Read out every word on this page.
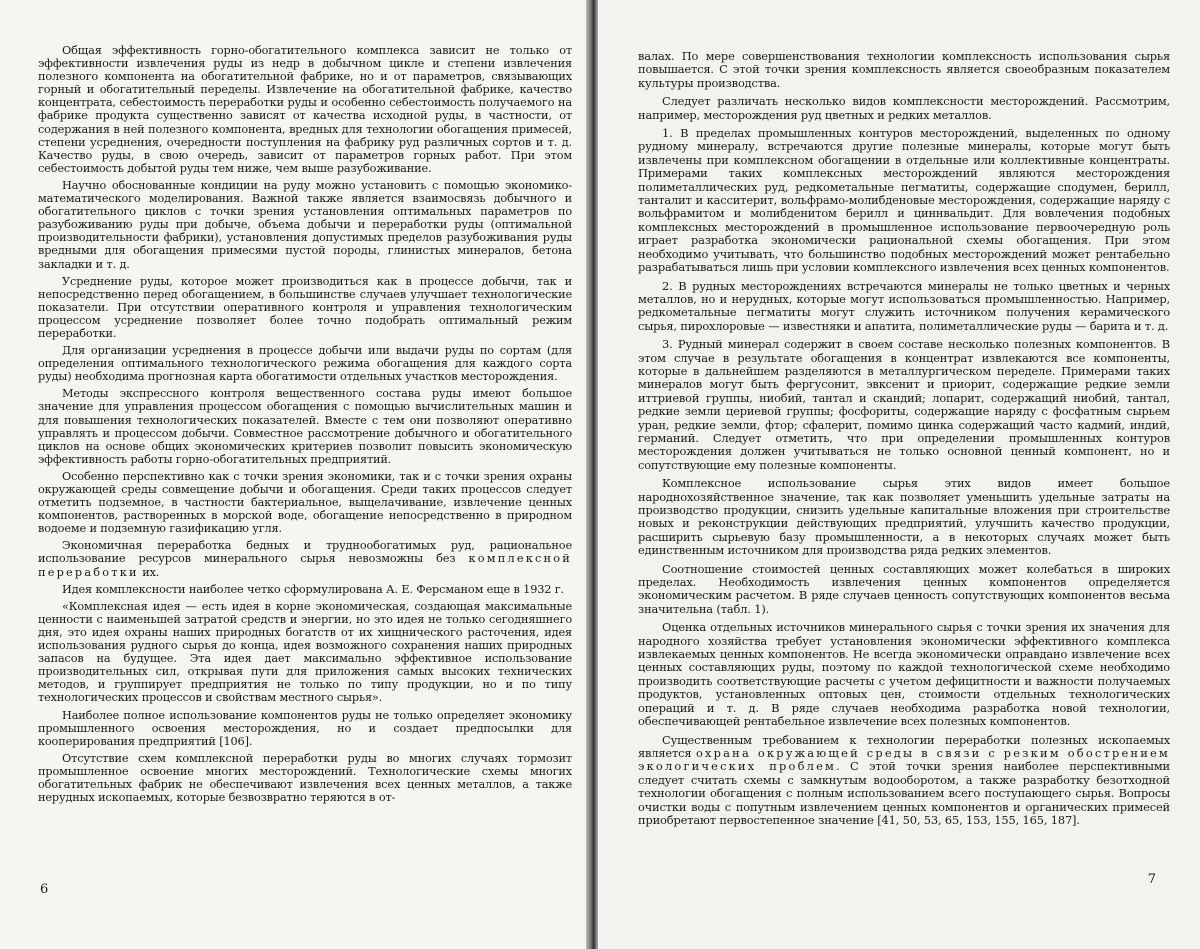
Общая эффективность горно-обогатительного комплекса зависит не только от эффективности извлечения руды из недр в добычном цикле и степени извлечения полезного компонента на обогатительной фабрике, но и от параметров, связывающих горный и обогатительный переделы. Извлечение на обогатительной фабрике, качество концентрата, себестоимость переработки руды и особенно себестоимость получаемого на фабрике продукта существенно зависят от качества исходной руды, в частности, от содержания в ней полезного компонента, вредных для технологии обогащения примесей, степени усреднения, очередности поступления на фабрику руд различных сортов и т. д. Качество руды, в свою очередь, зависит от параметров горных работ. При этом себестоимость добытой руды тем ниже, чем выше разубоживание.

Научно обоснованные кондиции на руду можно установить с помощью экономико-математического моделирования. Важной также является взаимосвязь добычного и обогатительного циклов с точки зрения установления оптимальных параметров по разубоживанию руды при добыче, объема добычи и переработки руды (оптимальной производительности фабрики), установления допустимых пределов разубоживания руды вредными для обогащения примесями пустой породы, глинистых минералов, бетона закладки и т. д.

Усреднение руды, которое может производиться как в процессе добычи, так и непосредственно перед обогащением, в большинстве случаев улучшает технологические показатели. При отсутствии оперативного контроля и управления технологическим процессом усреднение позволяет более точно подобрать оптимальный режим переработки.

Для организации усреднения в процессе добычи или выдачи руды по сортам (для определения оптимального технологического режима обогащения для каждого сорта руды) необходима прогнозная карта обогатимости отдельных участков месторождения.

Методы экспрессного контроля вещественного состава руды имеют большое значение для управления процессом обогащения с помощью вычислительных машин и для повышения технологических показателей. Вместе с тем они позволяют оперативно управлять и процессом добычи. Совместное рассмотрение добычного и обогатительного циклов на основе общих экономических критериев позволит повысить экономическую эффективность работы горно-обогатительных предприятий.

Особенно перспективно как с точки зрения экономики, так и с точки зрения охраны окружающей среды совмещение добычи и обогащения. Среди таких процессов следует отметить подземное, в частности бактериальное, выщелачивание, извлечение ценных компонентов, растворенных в морской воде, обогащение непосредственно в природном водоеме и подземную газификацию угля.

Экономичная переработка бедных и труднообогатимых руд, рациональное использование ресурсов минерального сырья невозможны без комплексной переработки их.

Идея комплексности наиболее четко сформулирована А. Е. Ферсманом еще в 1932 г.

«Комплексная идея — есть идея в корне экономическая, создающая максимальные ценности с наименьшей затратой средств и энергии, но это идея не только сегодняшнего дня, это идея охраны наших природных богатств от их хищнического расточения, идея использования рудного сырья до конца, идея возможного сохранения наших природных запасов на будущее. Эта идея дает максимально эффективное использование производительных сил, открывая пути для приложения самых высоких технических методов, и группирует предприятия не только по типу продукции, но и по типу технологических процессов и свойствам местного сырья».

Наиболее полное использование компонентов руды не только определяет экономику промышленного освоения месторождения, но и создает предпосылки для кооперирования предприятий [106].

Отсутствие схем комплексной переработки руды во многих случаях тормозит промышленное освоение многих месторождений. Технологические схемы многих обогатительных фабрик не обеспечивают извлечения всех ценных металлов, а также нерудных ископаемых, которые безвозвратно теряются в от-

6

валах. По мере совершенствования технологии комплексность использования сырья повышается. С этой точки зрения комплексность является своеобразным показателем культуры производства.

Следует различать несколько видов комплексности месторождений. Рассмотрим, например, месторождения руд цветных и редких металлов.

1. В пределах промышленных контуров месторождений, выделенных по одному рудному минералу, встречаются другие полезные минералы, которые могут быть извлечены при комплексном обогащении в отдельные или коллективные концентраты. Примерами таких комплексных месторождений являются месторождения полиметаллических руд, редкометальные пегматиты, содержащие сподумен, берилл, танталит и касситерит, вольфрамо-молибденовые месторождения, содержащие наряду с вольфрамитом и молибденитом берилл и циннвальдит. Для вовлечения подобных комплексных месторождений в промышленное использование первоочередную роль играет разработка экономически рациональной схемы обогащения. При этом необходимо учитывать, что большинство подобных месторождений может рентабельно разрабатываться лишь при условии комплексного извлечения всех ценных компонентов.

2. В рудных месторождениях встречаются минералы не только цветных и черных металлов, но и нерудных, которые могут использоваться промышленностью. Например, редкометальные пегматиты могут служить источником получения керамического сырья, пирохлоровые — известняки и апатита, полиметаллические руды — барита и т. д.

3. Рудный минерал содержит в своем составе несколько полезных компонентов. В этом случае в результате обогащения в концентрат извлекаются все компоненты, которые в дальнейшем разделяются в металлургическом переделе. Примерами таких минералов могут быть фергусонит, эвксенит и приорит, содержащие редкие земли иттриевой группы, ниобий, тантал и скандий; лопарит, содержащий ниобий, тантал, редкие земли цериевой группы; фосфориты, содержащие наряду с фосфатным сырьем уран, редкие земли, фтор; сфалерит, помимо цинка содержащий часто кадмий, индий, германий. Следует отметить, что при определении промышленных контуров месторождения должен учитываться не только основной ценный компонент, но и сопутствующие ему полезные компоненты.

Комплексное использование сырья этих видов имеет большое народнохозяйственное значение, так как позволяет уменьшить удельные затраты на производство продукции, снизить удельные капитальные вложения при строительстве новых и реконструкции действующих предприятий, улучшить качество продукции, расширить сырьевую базу промышленности, а в некоторых случаях может быть единственным источником для производства ряда редких элементов.

Соотношение стоимостей ценных составляющих может колебаться в широких пределах. Необходимость извлечения ценных компонентов определяется экономическим расчетом. В ряде случаев ценность сопутствующих компонентов весьма значительна (табл. 1).

Оценка отдельных источников минерального сырья с точки зрения их значения для народного хозяйства требует установления экономически эффективного комплекса извлекаемых ценных компонентов. Не всегда экономически оправдано извлечение всех ценных составляющих руды, поэтому по каждой технологической схеме необходимо производить соответствующие расчеты с учетом дефицитности и важности получаемых продуктов, установленных оптовых цен, стоимости отдельных технологических операций и т. д. В ряде случаев необходима разработка новой технологии, обеспечивающей рентабельное извлечение всех полезных компонентов.

Существенным требованием к технологии переработки полезных ископаемых является охрана окружающей среды в связи с резким обострением экологических проблем. С этой точки зрения наиболее перспективными следует считать схемы с замкнутым водооборотом, а также разработку безотходной технологии обогащения с полным использованием всего поступающего сырья. Вопросы очистки воды с попутным извлечением ценных компонентов и органических примесей приобретают первостепенное значение [41, 50, 53, 65, 153, 155, 165, 187].

7
